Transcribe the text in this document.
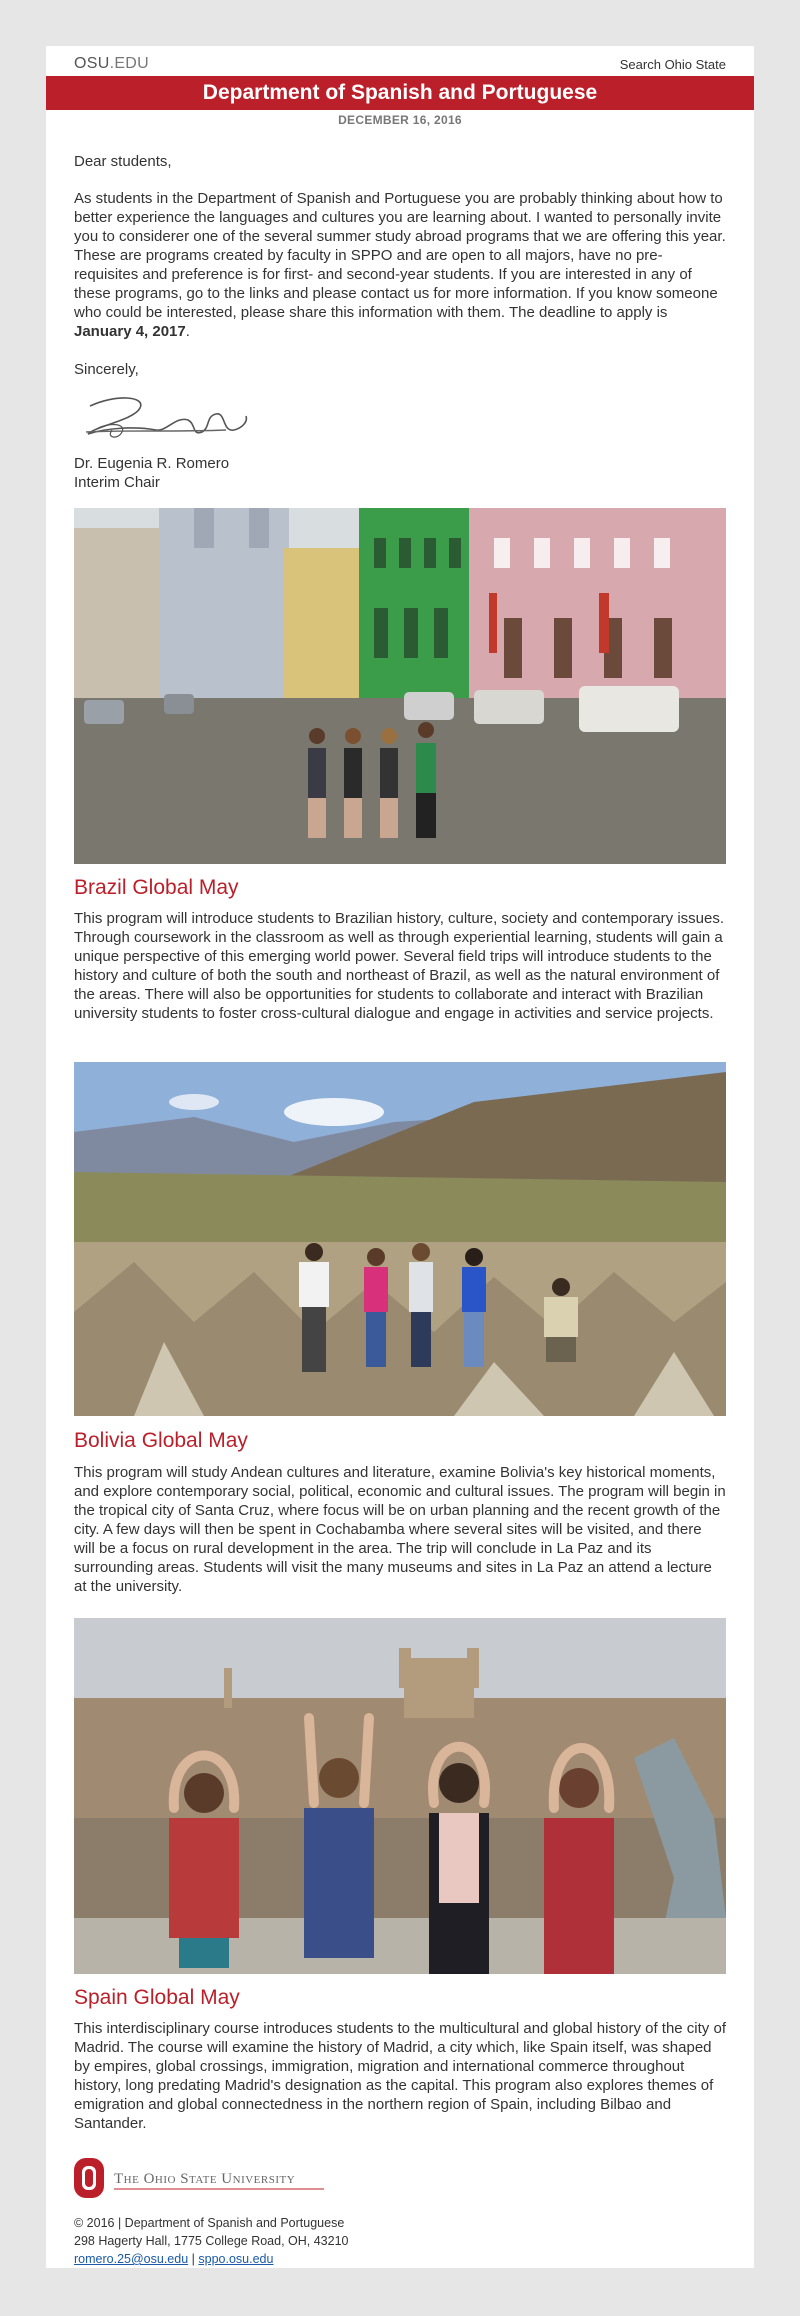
OSU.EDU	Search Ohio State
Department of Spanish and Portuguese
DECEMBER 16, 2016
Dear students,
As students in the Department of Spanish and Portuguese you are probably thinking about how to better experience the languages and cultures you are learning about. I wanted to personally invite you to considerer one of the several summer study abroad programs that we are offering this year. These are programs created by faculty in SPPO and are open to all majors, have no pre-requisites and preference is for first- and second-year students. If you are interested in any of these programs, go to the links and please contact us for more information. If you know someone who could be interested, please share this information with them. The deadline to apply is January 4, 2017.
Sincerely,
Dr. Eugenia R. Romero
Interim Chair
Brazil Global May
This program will introduce students to Brazilian history, culture, society and contemporary issues. Through coursework in the classroom as well as through experiential learning, students will gain a unique perspective of this emerging world power. Several field trips will introduce students to the history and culture of both the south and northeast of Brazil, as well as the natural environment of the areas. There will also be opportunities for students to collaborate and interact with Brazilian university students to foster cross-cultural dialogue and engage in activities and service projects.
Bolivia Global May
This program will study Andean cultures and literature, examine Bolivia's key historical moments, and explore contemporary social, political, economic and cultural issues. The program will begin in the tropical city of Santa Cruz, where focus will be on urban planning and the recent growth of the city. A few days will then be spent in Cochabamba where several sites will be visited, and there will be a focus on rural development in the area. The trip will conclude in La Paz and its surrounding areas. Students will visit the many museums and sites in La Paz an attend a lecture at the university.
Spain Global May
This interdisciplinary course introduces students to the multicultural and global history of the city of Madrid. The course will examine the history of Madrid, a city which, like Spain itself, was shaped by empires, global crossings, immigration, migration and international commerce throughout history, long predating Madrid's designation as the capital. This program also explores themes of emigration and global connectedness in the northern region of Spain, including Bilbao and Santander.
The Ohio State University
© 2016 | Department of Spanish and Portuguese
298 Hagerty Hall, 1775 College Road, OH, 43210
romero.25@osu.edu | sppo.osu.edu
